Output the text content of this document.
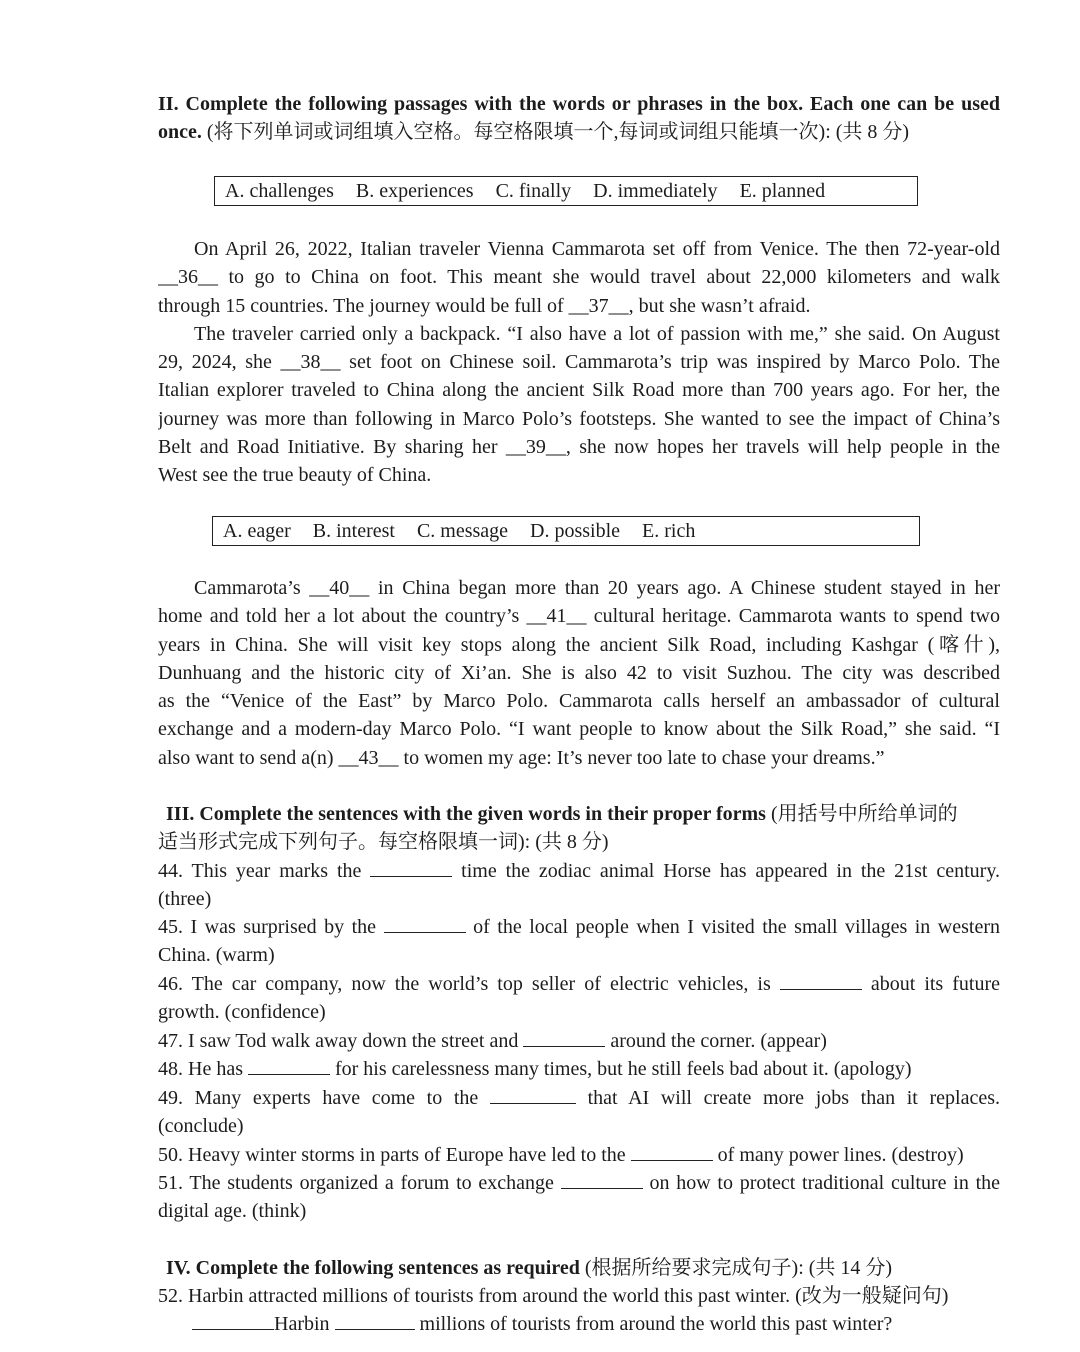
II. Complete the following passages with the words or phrases in the box. Each one can be used
once. (将下列单词或词组填入空格。每空格限填一个,每词或词组只能填一次): (共 8 分)
A. challenges B. experiences C. finally D. immediately E. planned
On April 26, 2022, Italian traveler Vienna Cammarota set off from Venice. The then 72-year-old
__36__ to go to China on foot. This meant she would travel about 22,000 kilometers and walk
through 15 countries. The journey would be full of __37__, but she wasn’t afraid.
The traveler carried only a backpack. “I also have a lot of passion with me,” she said. On August
29, 2024, she __38__ set foot on Chinese soil. Cammarota’s trip was inspired by Marco Polo. The
Italian explorer traveled to China along the ancient Silk Road more than 700 years ago. For her, the
journey was more than following in Marco Polo’s footsteps. She wanted to see the impact of China’s
Belt and Road Initiative. By sharing her __39__, she now hopes her travels will help people in the
West see the true beauty of China.
A. eager B. interest C. message D. possible E. rich
Cammarota’s __40__ in China began more than 20 years ago. A Chinese student stayed in her
home and told her a lot about the country’s __41__ cultural heritage. Cammarota wants to spend two
years in China. She will visit key stops along the ancient Silk Road, including Kashgar (喀什),
Dunhuang and the historic city of Xi’an. She is also 42 to visit Suzhou. The city was described
as the “Venice of the East” by Marco Polo. Cammarota calls herself an ambassador of cultural
exchange and a modern-day Marco Polo. “I want people to know about the Silk Road,” she said. “I
also want to send a(n) __43__ to women my age: It’s never too late to chase your dreams.”
III. Complete the sentences with the given words in their proper forms (用括号中所给单词的
适当形式完成下列句子。每空格限填一词): (共 8 分)
44. This year marks the	time the zodiac animal Horse has appeared in the 21st century.
(three)
45. I was surprised by the	of the local people when I visited the small villages in western
China. (warm)
46. The car company, now the world’s top seller of electric vehicles, is	about its future
growth. (confidence)
47. I saw Tod walk away down the street and	around the corner. (appear)
48. He has	for his carelessness many times, but he still feels bad about it. (apology)
49. Many experts have come to the	that AI will create more jobs than it replaces.
(conclude)
50. Heavy winter storms in parts of Europe have led to the	of many power lines. (destroy)
51. The students organized a forum to exchange	on how to protect traditional culture in the
digital age. (think)
IV. Complete the following sentences as required (根据所给要求完成句子): (共 14 分)
52. Harbin attracted millions of tourists from around the world this past winter. (改为一般疑问句)
Harbin	millions of tourists from around the world this past winter?
